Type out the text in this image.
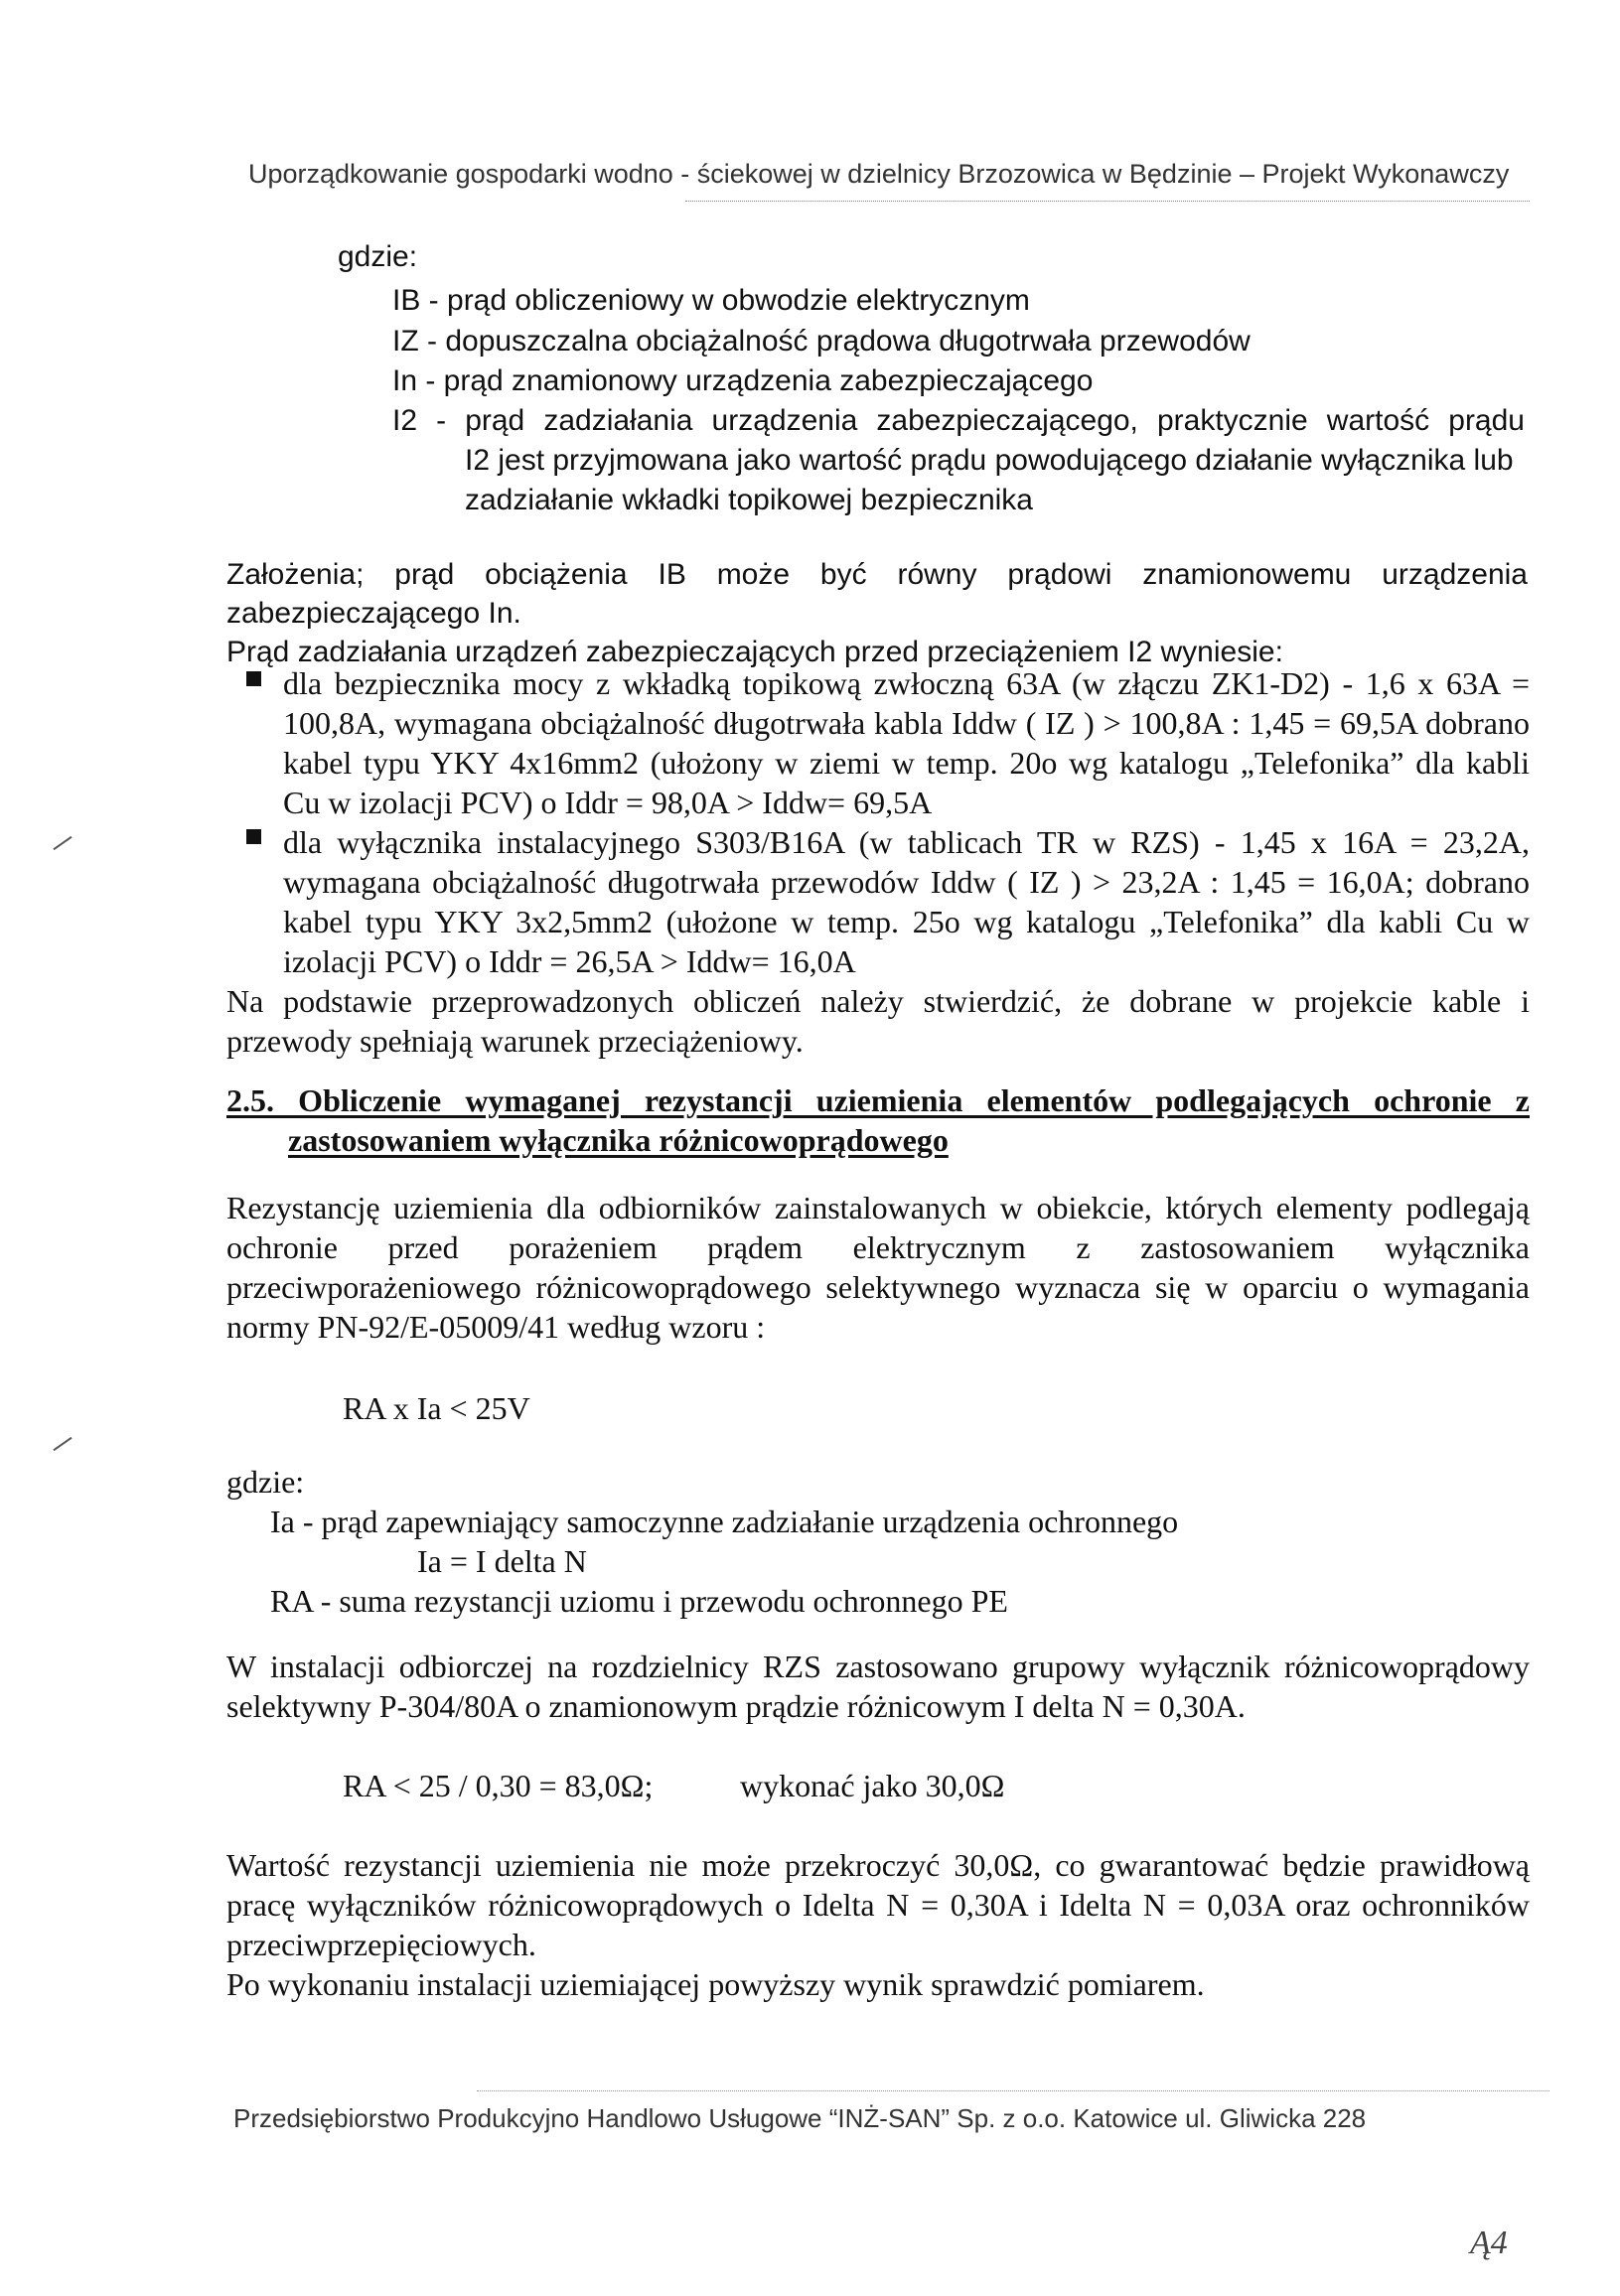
Uporządkowanie gospodarki wodno - ściekowej w dzielnicy Brzozowica w Będzinie – Projekt Wykonawczy
gdzie:
IB - prąd obliczeniowy w obwodzie elektrycznym
IZ - dopuszczalna obciążalność prądowa długotrwała przewodów
In - prąd znamionowy urządzenia zabezpieczającego
I2 - prąd zadziałania urządzenia zabezpieczającego, praktycznie wartość prądu
I2 jest przyjmowana jako wartość prądu powodującego działanie wyłącznika lub
zadziałanie wkładki topikowej bezpiecznika
Założenia; prąd obciążenia IB może być równy prądowi znamionowemu urządzenia
zabezpieczającego In.
Prąd zadziałania urządzeń zabezpieczających przed przeciążeniem I2 wyniesie:
dla bezpiecznika mocy z wkładką topikową zwłoczną 63A (w złączu ZK1-D2) - 1,6 x 63A =
100,8A, wymagana obciążalność długotrwała kabla Iddw ( IZ ) > 100,8A : 1,45 = 69,5A dobrano
kabel typu YKY 4x16mm2 (ułożony w ziemi w temp. 20o wg katalogu „Telefonika” dla kabli
Cu w izolacji PCV) o Iddr = 98,0A > Iddw= 69,5A
dla wyłącznika instalacyjnego S303/B16A (w tablicach TR w RZS) - 1,45 x 16A = 23,2A,
wymagana obciążalność długotrwała przewodów Iddw ( IZ ) > 23,2A : 1,45 = 16,0A; dobrano
kabel typu YKY 3x2,5mm2 (ułożone w temp. 25o wg katalogu „Telefonika” dla kabli Cu w
izolacji PCV) o Iddr = 26,5A > Iddw= 16,0A
Na podstawie przeprowadzonych obliczeń należy stwierdzić, że dobrane w projekcie kable i
przewody spełniają warunek przeciążeniowy.
2.5. Obliczenie wymaganej rezystancji uziemienia elementów podlegających ochronie z
zastosowaniem wyłącznika różnicowoprądowego
Rezystancję uziemienia dla odbiorników zainstalowanych w obiekcie, których elementy podlegają
ochronie przed porażeniem prądem elektrycznym z zastosowaniem wyłącznika
przeciwporażeniowego różnicowoprądowego selektywnego wyznacza się w oparciu o wymagania
normy PN-92/E-05009/41 według wzoru :
RA x Ia < 25V
gdzie:
Ia - prąd zapewniający samoczynne zadziałanie urządzenia ochronnego
Ia = I delta N
RA - suma rezystancji uziomu i przewodu ochronnego PE
W instalacji odbiorczej na rozdzielnicy RZS zastosowano grupowy wyłącznik różnicowoprądowy
selektywny P-304/80A o znamionowym prądzie różnicowym I delta N = 0,30A.
RA < 25 / 0,30 = 83,0Ω;	wykonać jako 30,0Ω
Wartość rezystancji uziemienia nie może przekroczyć 30,0Ω, co gwarantować będzie prawidłową
pracę wyłączników różnicowoprądowych o Idelta N = 0,30A i Idelta N = 0,03A oraz ochronników
przeciwprzepięciowych.
Po wykonaniu instalacji uziemiającej powyższy wynik sprawdzić pomiarem.
Przedsiębiorstwo Produkcyjno Handlowo Usługowe “INŻ-SAN” Sp. z o.o. Katowice ul. Gliwicka 228
Ą4
